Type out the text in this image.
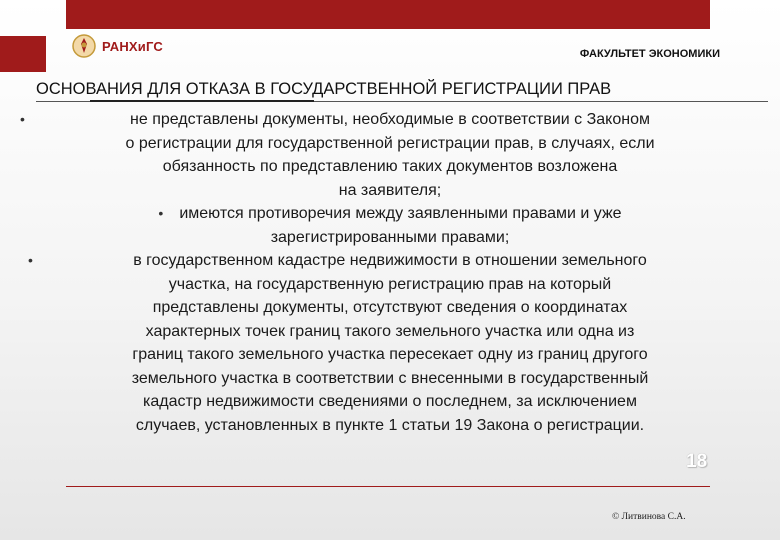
РАНХиГС
ФАКУЛЬТЕТ ЭКОНОМИКИ
ОСНОВАНИЯ ДЛЯ ОТКАЗА В ГОСУДАРСТВЕННОЙ РЕГИСТРАЦИИ ПРАВ
•	не представлены документы, необходимые в соответствии с Законом
о регистрации для государственной регистрации прав, в случаях, если
обязанность по представлению таких документов возложена
на заявителя;
• имеются противоречия между заявленными правами и уже
зарегистрированными правами;
•	в государственном кадастре недвижимости в отношении земельного
участка, на государственную регистрацию прав на который
представлены документы, отсутствуют сведения о координатах
характерных точек границ такого земельного участка или одна из
границ такого земельного участка пересекает одну из границ другого
земельного участка в соответствии с внесенными в государственный
кадастр недвижимости сведениями о последнем, за исключением
случаев, установленных в пункте 1 статьи 19 Закона о регистрации.
18
© Литвинова С.А.
